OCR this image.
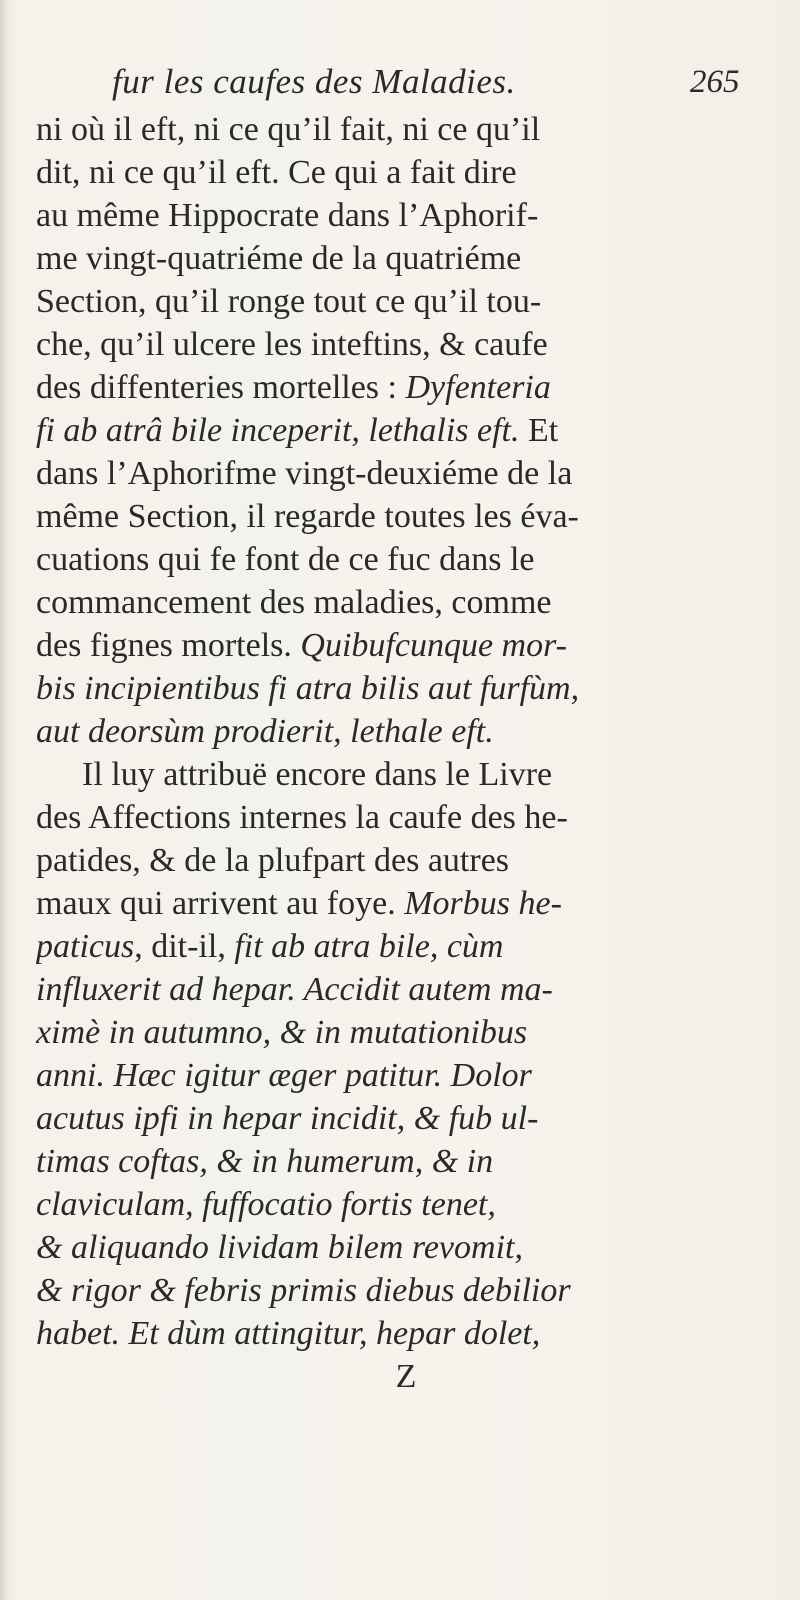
fur les caufes des Maladies.	265
ni où il eft, ni ce qu’il fait, ni ce qu’il
dit, ni ce qu’il eft. Ce qui a fait dire
au même Hippocrate dans l’Aphorif-
me vingt-quatriéme de la quatriéme
Section, qu’il ronge tout ce qu’il tou-
che, qu’il ulcere les inteftins, & caufe
des diffenteries mortelles : Dyfenteria
fi ab atrâ bile inceperit, lethalis eft. Et
dans l’Aphorifme vingt-deuxiéme de la
même Section, il regarde toutes les éva-
cuations qui fe font de ce fuc dans le
commancement des maladies, comme
des fignes mortels. Quibufcunque mor-
bis incipientibus fi atra bilis aut furfùm,
aut deorsùm prodierit, lethale eft.
Il luy attribuë encore dans le Livre
des Affections internes la caufe des he-
patides, & de la plufpart des autres
maux qui arrivent au foye. Morbus he-
paticus, dit-il, fit ab atra bile, cùm
influxerit ad hepar. Accidit autem ma-
ximè in autumno, & in mutationibus
anni. Hæc igitur æger patitur. Dolor
acutus ipfi in hepar incidit, & fub ul-
timas coftas, & in humerum, & in
claviculam, fuffocatio fortis tenet,
& aliquando lividam bilem revomit,
& rigor & febris primis diebus debilior
habet. Et dùm attingitur, hepar dolet,
Z
